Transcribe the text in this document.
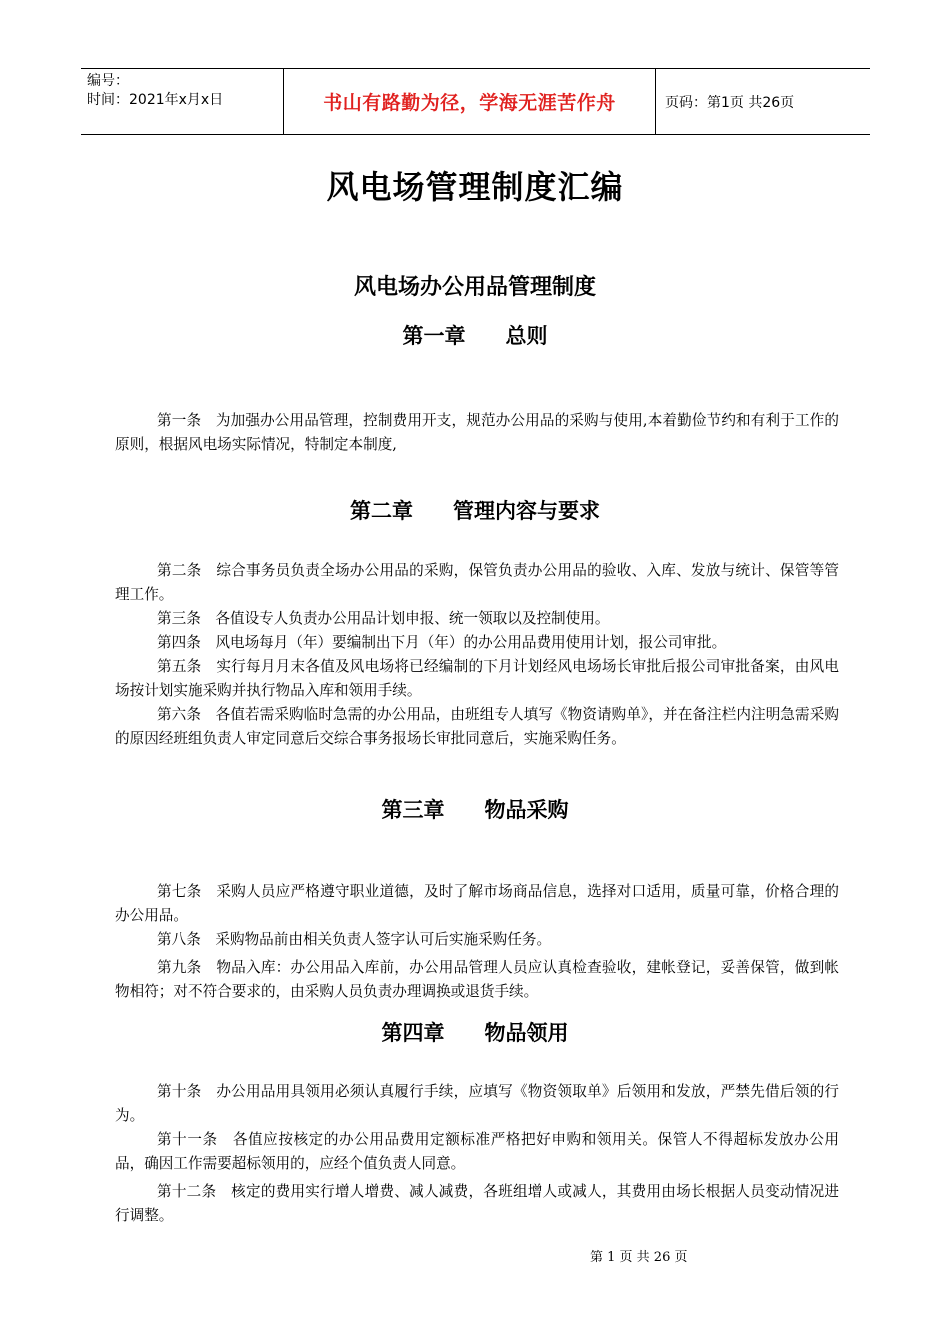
编号：
时间：2021年x月x日	书山有路勤为径，学海无涯苦作舟	页码：第1页 共26页
风电场管理制度汇编
风电场办公用品管理制度
第一章 总则

第一条　为加强办公用品管理，控制费用开支，规范办公用品的采购与使用,本着勤俭节约和有利于工作的原则，根据风电场实际情况，特制定本制度,

第二章 管理内容与要求

第二条　综合事务员负责全场办公用品的采购，保管负责办公用品的验收、入库、发放与统计、保管等管理工作。

第三条　各值设专人负责办公用品计划申报、统一领取以及控制使用。

第四条　风电场每月（年）要编制出下月（年）的办公用品费用使用计划，报公司审批。

第五条　实行每月月末各值及风电场将已经编制的下月计划经风电场场长审批后报公司审批备案，由风电场按计划实施采购并执行物品入库和领用手续。

第六条　各值若需采购临时急需的办公用品，由班组专人填写《物资请购单》，并在备注栏内注明急需采购的原因经班组负责人审定同意后交综合事务报场长审批同意后，实施采购任务。

第三章 物品采购

第七条　采购人员应严格遵守职业道德，及时了解市场商品信息，选择对口适用，质量可靠，价格合理的办公用品。

第八条　采购物品前由相关负责人签字认可后实施采购任务。

第九条　物品入库：办公用品入库前，办公用品管理人员应认真检查验收，建帐登记，妥善保管，做到帐物相符；对不符合要求的，由采购人员负责办理调换或退货手续。

第四章 物品领用

第十条　办公用品用具领用必须认真履行手续，应填写《物资领取单》后领用和发放，严禁先借后领的行为。

第十一条　各值应按核定的办公用品费用定额标准严格把好申购和领用关。保管人不得超标发放办公用品，确因工作需要超标领用的，应经个值负责人同意。

第十二条　核定的费用实行增人增费、减人减费，各班组增人或减人，其费用由场长根据人员变动情况进行调整。

第 1 页 共 26 页
